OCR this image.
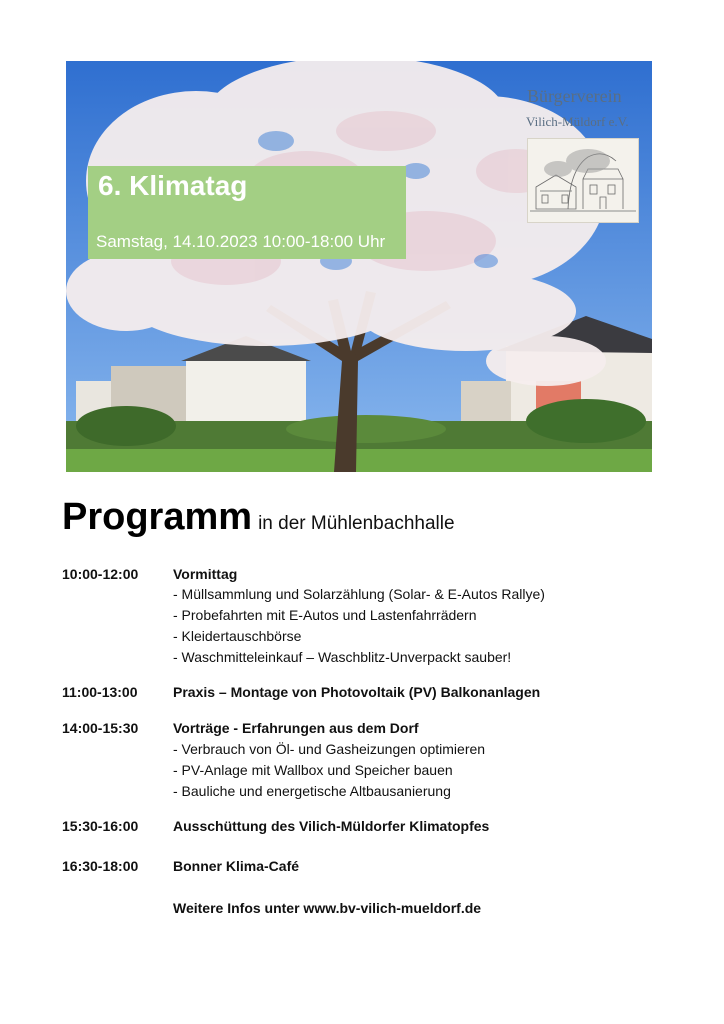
6. Klimatag
Samstag, 14.10.2023 10:00-18:00 Uhr
Bürgerverein
Vilich-Müldorf e.V.
Programm in der Mühlenbachhalle
10:00-12:00 Vormittag
- Müllsammlung und Solarzählung (Solar- & E-Autos Rallye)
- Probefahrten mit E-Autos und Lastenfahrrädern
- Kleidertauschbörse
- Waschmitteleinkauf – Waschblitz-Unverpackt sauber!
11:00-13:00	Praxis – Montage von Photovoltaik (PV) Balkonanlagen
14:00-15:30 Vorträge - Erfahrungen aus dem Dorf
- Verbrauch von Öl- und Gasheizungen optimieren
- PV-Anlage mit Wallbox und Speicher bauen
- Bauliche und energetische Altbausanierung
15:30-16:00 Ausschüttung des Vilich-Müldorfer Klimatopfes
16:30-18:00 Bonner Klima-Café
Weitere Infos unter www.bv-vilich-mueldorf.de
